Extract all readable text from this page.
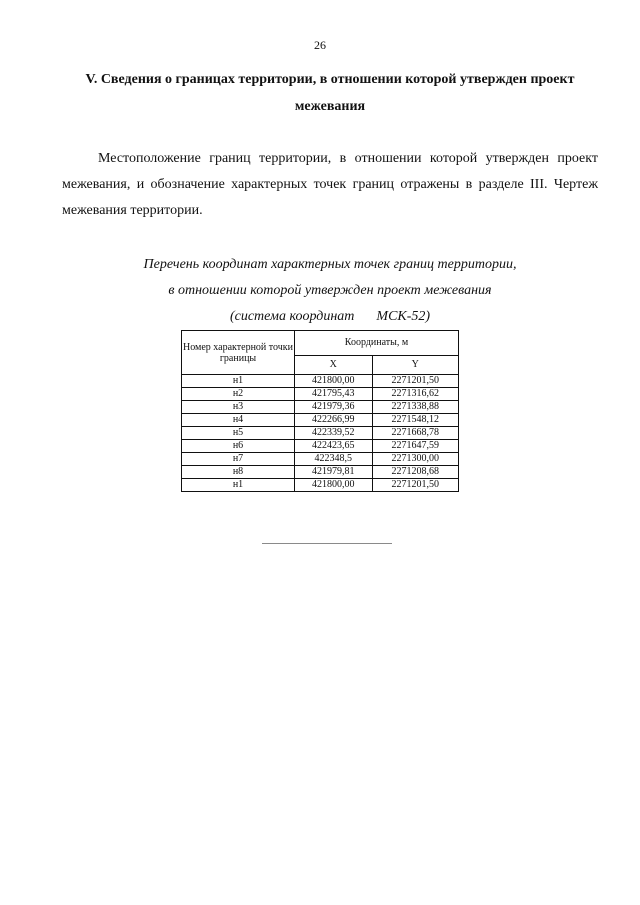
26
V. Сведения о границах территории, в отношении которой утвержден проект межевания
Местоположение границ территории, в отношении которой утвержден проект межевания, и обозначение характерных точек границ отражены в разделе III. Чертеж межевания территории.
Перечень координат характерных точек границ территории,
в отношении которой утвержден проект межевания
(система координат МСК-52)
Номер характерной точки границы	Координаты, м	
	X	Y
н1	421800,00	2271201,50
н2	421795,43	2271316,62
н3	421979,36	2271338,88
н4	422266,99	2271548,12
н5	422339,52	2271668,78
н6	422423,65	2271647,59
н7	422348,5	2271300,00
н8	421979,81	2271208,68
н1	421800,00	2271201,50
